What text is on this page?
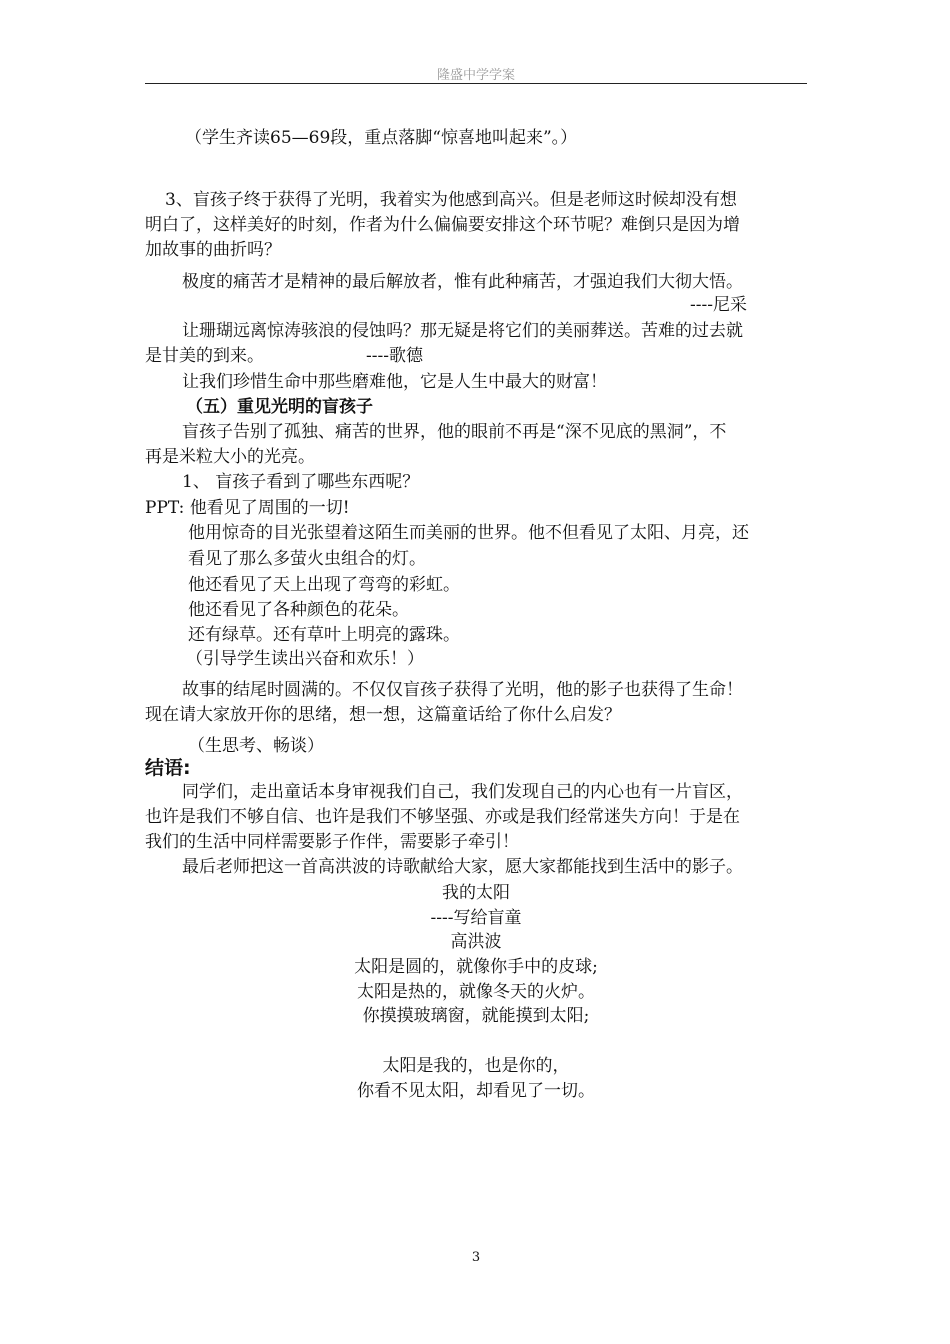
隆盛中学学案

（学生齐读65—69段，重点落脚“惊喜地叫起来”。）

3、盲孩子终于获得了光明，我着实为他感到高兴。但是老师这时候却没有想

明白了，这样美好的时刻，作者为什么偏偏要安排这个环节呢？难倒只是因为增

加故事的曲折吗？

极度的痛苦才是精神的最后解放者，惟有此种痛苦，才强迫我们大彻大悟。

----尼采

让珊瑚远离惊涛骇浪的侵蚀吗？那无疑是将它们的美丽葬送。苦难的过去就

是甘美的到来。	----歌德

让我们珍惜生命中那些磨难他，它是人生中最大的财富！

（五）重见光明的盲孩子

盲孩子告别了孤独、痛苦的世界，他的眼前不再是“深不见底的黑洞”，不

再是米粒大小的光亮。

1、 盲孩子看到了哪些东西呢？

PPT: 他看见了周围的一切!

他用惊奇的目光张望着这陌生而美丽的世界。他不但看见了太阳、月亮，还

看见了那么多萤火虫组合的灯。

他还看见了天上出现了弯弯的彩虹。

他还看见了各种颜色的花朵。

还有绿草。还有草叶上明亮的露珠。

（引导学生读出兴奋和欢乐！）

故事的结尾时圆满的。不仅仅盲孩子获得了光明，他的影子也获得了生命！

现在请大家放开你的思绪，想一想，这篇童话给了你什么启发？

（生思考、畅谈）

结语:

同学们，走出童话本身审视我们自己，我们发现自己的内心也有一片盲区，

也许是我们不够自信、也许是我们不够坚强、亦或是我们经常迷失方向！于是在

我们的生活中同样需要影子作伴，需要影子牵引！

最后老师把这一首高洪波的诗歌献给大家，愿大家都能找到生活中的影子。

我的太阳

----写给盲童

高洪波

太阳是圆的，就像你手中的皮球;

太阳是热的，就像冬天的火炉。

你摸摸玻璃窗，就能摸到太阳;

太阳是我的，也是你的，

你看不见太阳，却看见了一切。

3
